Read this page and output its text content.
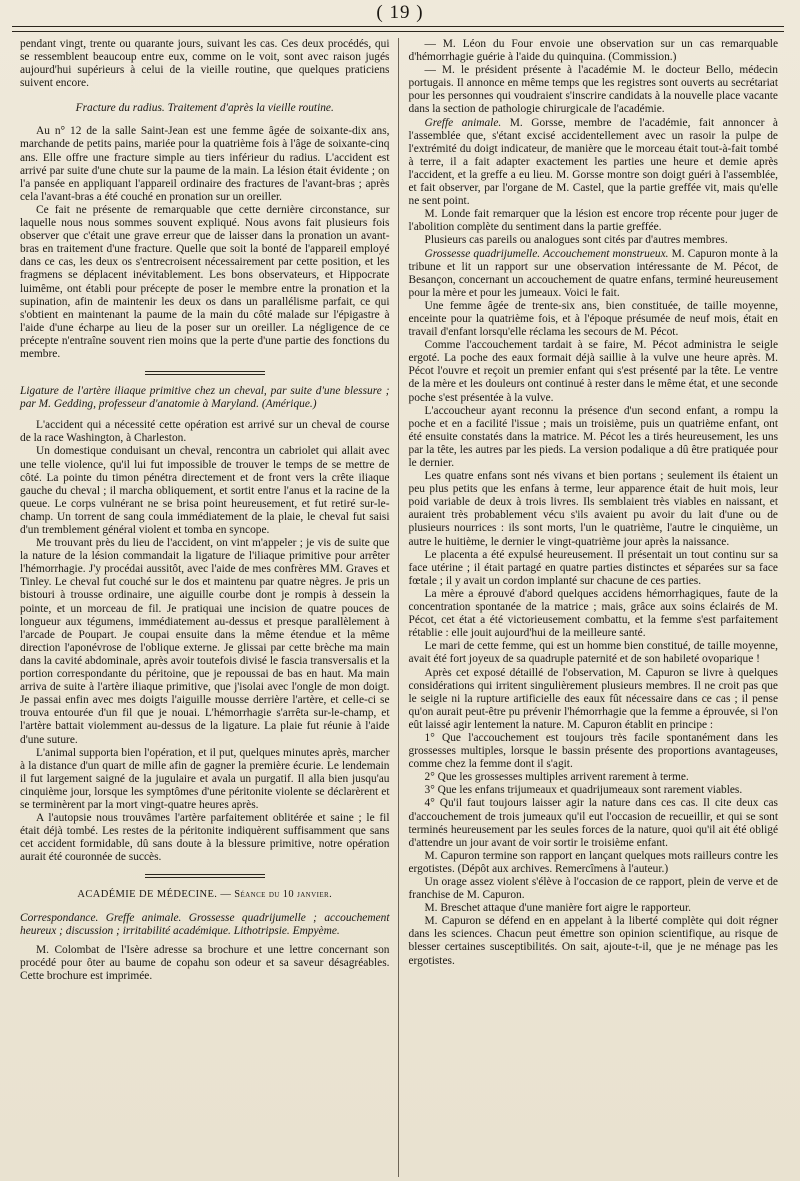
( 19 )

pendant vingt, trente ou quarante jours, suivant les cas. Ces deux procédés, qui se ressemblent beaucoup entre eux, comme on le voit, sont avec raison jugés aujourd'hui supérieurs à celui de la vieille routine, que quelques praticiens suivent encore.

Fracture du radius. Traitement d'après la vieille routine.

Au n° 12 de la salle Saint-Jean est une femme âgée de soixante-dix ans, marchande de petits pains, mariée pour la quatrième fois à l'âge de soixante-cinq ans. Elle offre une fracture simple au tiers inférieur du radius. L'accident est arrivé par suite d'une chute sur la paume de la main. La lésion était évidente ; on l'a pansée en appliquant l'appareil ordinaire des fractures de l'avant-bras ; après cela l'avant-bras a été couché en pronation sur un oreiller.

Ce fait ne présente de remarquable que cette dernière circonstance, sur laquelle nous nous sommes souvent expliqué. Nous avons fait plusieurs fois observer que c'était une grave erreur que de laisser dans la pronation un avant-bras en traitement d'une fracture. Quelle que soit la bonté de l'appareil employé dans ce cas, les deux os s'entrecroisent nécessairement par cette position, et les fragmens se déplacent inévitablement. Les bons observateurs, et Hippocrate luimême, ont établi pour précepte de poser le membre entre la pronation et la supination, afin de maintenir les deux os dans un parallélisme parfait, ce qui s'obtient en maintenant la paume de la main du côté malade sur l'épigastre à l'aide d'une écharpe au lieu de la poser sur un oreiller. La négligence de ce précepte n'entraîne souvent rien moins que la perte d'une partie des fonctions du membre.

Ligature de l'artère iliaque primitive chez un cheval, par suite d'une blessure ; par M. Gedding, professeur d'anatomie à Maryland. (Amérique.)

L'accident qui a nécessité cette opération est arrivé sur un cheval de course de la race Washington, à Charleston.

Un domestique conduisant un cheval, rencontra un cabriolet qui allait avec une telle violence, qu'il lui fut impossible de trouver le temps de se mettre de côté. La pointe du timon pénétra directement et de front vers la crête iliaque gauche du cheval ; il marcha obliquement, et sortit entre l'anus et la racine de la queue. Le corps vulnérant ne se brisa point heureusement, et fut retiré sur-le-champ. Un torrent de sang coula immédiatement de la plaie, le cheval fut saisi d'un tremblement général violent et tomba en syncope.

Me trouvant près du lieu de l'accident, on vint m'appeler ; je vis de suite que la nature de la lésion commandait la ligature de l'iliaque primitive pour arrêter l'hémorrhagie. J'y procédai aussitôt, avec l'aide de mes confrères MM. Graves et Tinley. Le cheval fut couché sur le dos et maintenu par quatre nègres. Je pris un bistouri à trousse ordinaire, une aiguille courbe dont je rompis à dessein la pointe, et un morceau de fil. Je pratiquai une incision de quatre pouces de longueur aux tégumens, immédiatement au-dessus et presque parallèlement à l'arcade de Poupart. Je coupai ensuite dans la même étendue et la même direction l'aponévrose de l'oblique externe. Je glissai par cette brèche ma main dans la cavité abdominale, après avoir toutefois divisé le fascia transversalis et la portion correspondante du péritoine, que je repoussai de bas en haut. Ma main arriva de suite à l'artère iliaque primitive, que j'isolai avec l'ongle de mon doigt. Je passai enfin avec mes doigts l'aiguille mousse derrière l'artère, et celle-ci se trouva entourée d'un fil que je nouai. L'hémorrhagie s'arrêta sur-le-champ, et l'artère battait violemment au-dessus de la ligature. La plaie fut réunie à l'aide d'une suture.

L'animal supporta bien l'opération, et il put, quelques minutes après, marcher à la distance d'un quart de mille afin de gagner la première écurie. Le lendemain il fut largement saigné de la jugulaire et avala un purgatif. Il alla bien jusqu'au cinquième jour, lorsque les symptômes d'une péritonite violente se déclarèrent et se terminèrent par la mort vingt-quatre heures après.

A l'autopsie nous trouvâmes l'artère parfaitement oblitérée et saine ; le fil était déjà tombé. Les restes de la péritonite indiquèrent suffisamment que sans cet accident formidable, dû sans doute à la blessure primitive, notre opération aurait été couronnée de succès.

ACADÉMIE DE MÉDECINE. — Séance du 10 janvier.

Correspondance. Greffe animale. Grossesse quadrijumelle ; accouchement heureux ; discussion ; irritabilité académique. Lithotripsie. Empyème.

M. Colombat de l'Isère adresse sa brochure et une lettre concernant son procédé pour ôter au baume de copahu son odeur et sa saveur désagréables. Cette brochure est imprimée.

— M. Léon du Four envoie une observation sur un cas remarquable d'hémorrhagie guérie à l'aide du quinquina. (Commission.)

— M. le président présente à l'académie M. le docteur Bello, médecin portugais. Il annonce en même temps que les registres sont ouverts au secrétariat pour les personnes qui voudraient s'inscrire candidats à la nouvelle place vacante dans la section de pathologie chirurgicale de l'académie.

Greffe animale. M. Gorsse, membre de l'académie, fait annoncer à l'assemblée que, s'étant excisé accidentellement avec un rasoir la pulpe de l'extrémité du doigt indicateur, de manière que le morceau était tout-à-fait tombé à terre, il a fait adapter exactement les parties une heure et demie après l'accident, et la greffe a eu lieu. M. Gorsse montre son doigt guéri à l'assemblée, et fait observer, par l'organe de M. Castel, que la partie greffée vit, mais qu'elle ne sent point.

M. Londe fait remarquer que la lésion est encore trop récente pour juger de l'abolition complète du sentiment dans la partie greffée.

Plusieurs cas pareils ou analogues sont cités par d'autres membres.

Grossesse quadrijumelle. Accouchement monstrueux. M. Capuron monte à la tribune et lit un rapport sur une observation intéressante de M. Pécot, de Besançon, concernant un accouchement de quatre enfans, terminé heureusement pour la mère et pour les jumeaux. Voici le fait.

Une femme âgée de trente-six ans, bien constituée, de taille moyenne, enceinte pour la quatrième fois, et à l'époque présumée de neuf mois, était en travail d'enfant lorsqu'elle réclama les secours de M. Pécot.

Comme l'accouchement tardait à se faire, M. Pécot administra le seigle ergoté. La poche des eaux formait déjà saillie à la vulve une heure après. M. Pécot l'ouvre et reçoit un premier enfant qui s'est présenté par la tête. Le ventre de la mère et les douleurs ont continué à rester dans le même état, et une seconde poche s'est présentée à la vulve.

L'accoucheur ayant reconnu la présence d'un second enfant, a rompu la poche et en a facilité l'issue ; mais un troisième, puis un quatrième enfant, ont été ensuite constatés dans la matrice. M. Pécot les a tirés heureusement, les uns par la tête, les autres par les pieds. La version podalique a dû être pratiquée pour le dernier.

Les quatre enfans sont nés vivans et bien portans ; seulement ils étaient un peu plus petits que les enfans à terme, leur apparence était de huit mois, leur poid variable de deux à trois livres. Ils semblaient très viables en naissant, et auraient très probablement vécu s'ils avaient pu avoir du lait d'une ou de plusieurs nourrices : ils sont morts, l'un le quatrième, l'autre le cinquième, un autre le huitième, le dernier le vingt-quatrième jour après la naissance.

Le placenta a été expulsé heureusement. Il présentait un tout continu sur sa face utérine ; il était partagé en quatre parties distinctes et séparées sur sa face fœtale ; il y avait un cordon implanté sur chacune de ces parties.

La mère a éprouvé d'abord quelques accidens hémorrhagiques, faute de la concentration spontanée de la matrice ; mais, grâce aux soins éclairés de M. Pécot, cet état a été victorieusement combattu, et la femme s'est parfaitement rétablie : elle jouit aujourd'hui de la meilleure santé.

Le mari de cette femme, qui est un homme bien constitué, de taille moyenne, avait été fort joyeux de sa quadruple paternité et de son habileté ovoparique !

Après cet exposé détaillé de l'observation, M. Capuron se livre à quelques considérations qui irritent singulièrement plusieurs membres. Il ne croit pas que le seigle ni la rupture artificielle des eaux fût nécessaire dans ce cas ; il pense qu'on aurait peut-être pu prévenir l'hémorrhagie que la femme a éprouvée, si l'on eût laissé agir lentement la nature. M. Capuron établit en principe :

1° Que l'accouchement est toujours très facile spontanément dans les grossesses multiples, lorsque le bassin présente des proportions avantageuses, comme chez la femme dont il s'agit.

2° Que les grossesses multiples arrivent rarement à terme.

3° Que les enfans trijumeaux et quadrijumeaux sont rarement viables.

4° Qu'il faut toujours laisser agir la nature dans ces cas. Il cite deux cas d'accouchement de trois jumeaux qu'il eut l'occasion de recueillir, et qui se sont terminés heureusement par les seules forces de la nature, quoi qu'il ait été obligé d'attendre un jour avant de voir sortir le troisième enfant.

M. Capuron termine son rapport en lançant quelques mots railleurs contre les ergotistes. (Dépôt aux archives. Remercîmens à l'auteur.)

Un orage assez violent s'élève à l'occasion de ce rapport, plein de verve et de franchise de M. Capuron.

M. Breschet attaque d'une manière fort aigre le rapporteur.

M. Capuron se défend en en appelant à la liberté complète qui doit régner dans les sciences. Chacun peut émettre son opinion scientifique, au risque de blesser certaines susceptibilités. On sait, ajoute-t-il, que je ne ménage pas les ergotistes.
